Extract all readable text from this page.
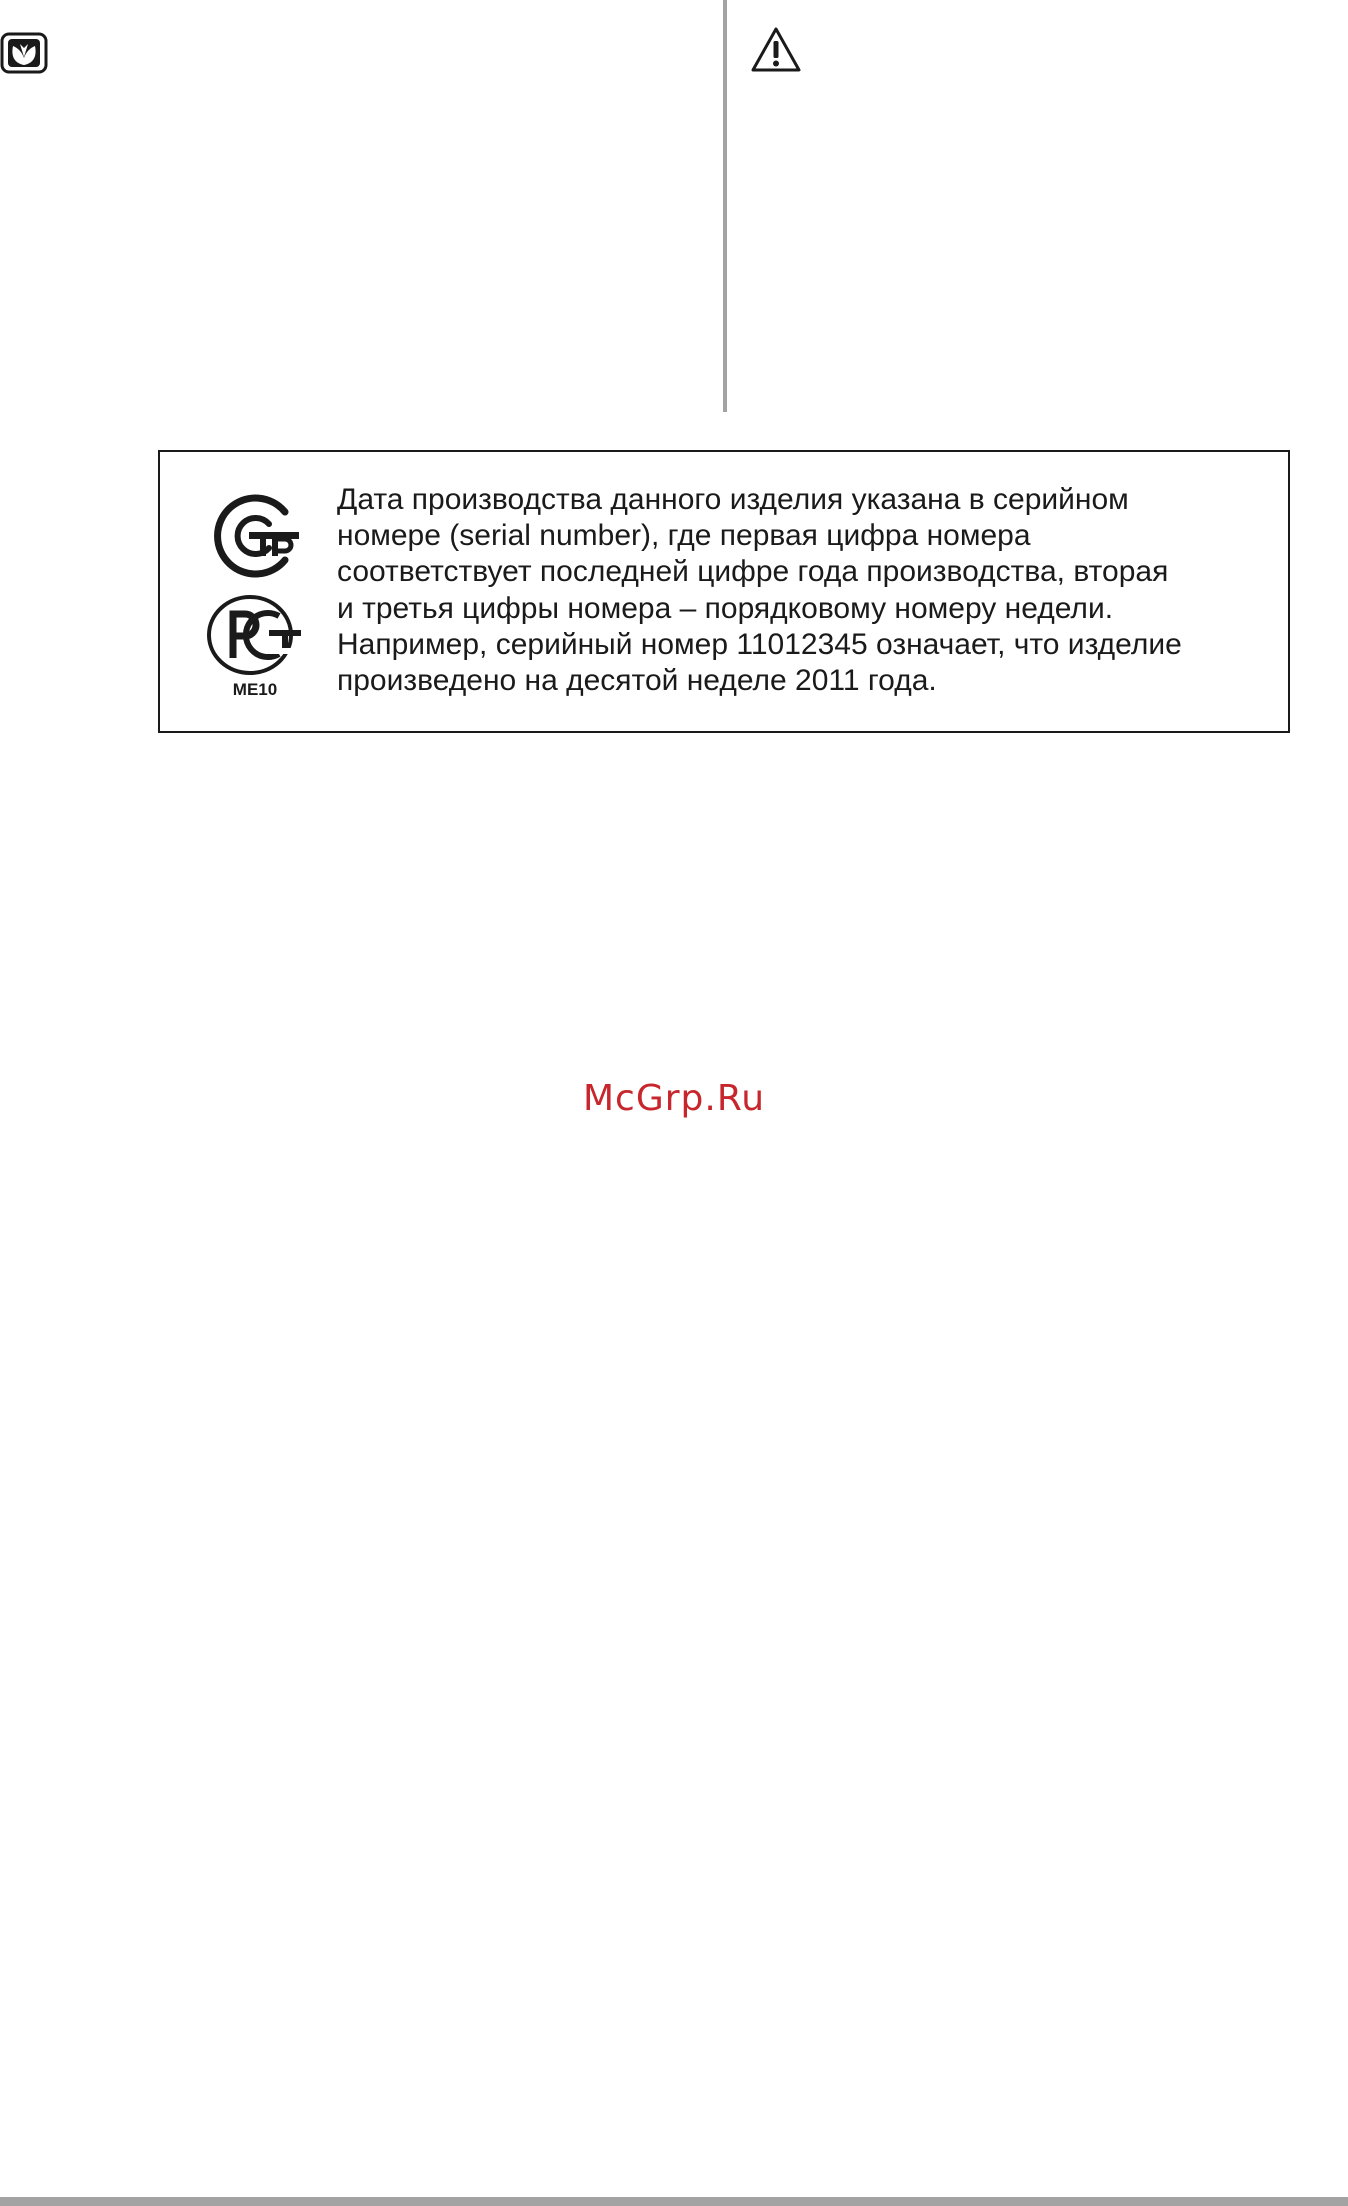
ME10

Дата производства данного изделия указана в серийном
номере (serial number), где первая цифра номера
соответствует последней цифре года производства, вторая
и третья цифры номера – порядковому номеру недели.
Например, серийный номер 11012345 означает, что изделие
произведено на десятой неделе 2011 года.

McGrp.Ru
